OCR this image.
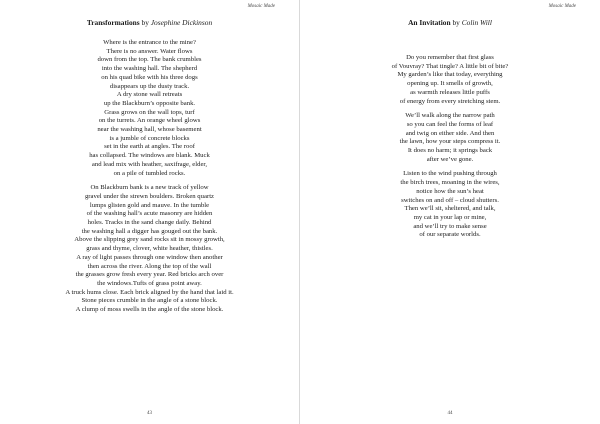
Mosaic Made
Transformations by Josephine Dickinson
Where is the entrance to the mine?
There is no answer. Water flows
down from the top. The bank crumbles
into the washing hall. The shepherd
on his quad bike with his three dogs
disappears up the dusty track.
A dry stone wall retreats
up the Blackburn’s opposite bank.
Grass grows on the wall tops, turf
on the turrets. An orange wheel glows
near the washing hall, whose basement
is a jumble of concrete blocks
set in the earth at angles. The roof
has collapsed. The windows are blank. Muck
and lead mix with heather, saxifrage, elder,
on a pile of tumbled rocks.
On Blackburn bank is a new track of yellow
gravel under the strewn boulders. Broken quartz
lumps glisten gold and mauve. In the tumble
of the washing hall’s acute masonry are hidden
holes. Tracks in the sand change daily. Behind
the washing hall a digger has gouged out the bank.
Above the slipping grey sand rocks sit in mossy growth,
grass and thyme, clover, white heather, thistles.
A ray of light passes through one window then another
then across the river. Along the top of the wall
the grasses grow fresh every year. Red bricks arch over
the windows.Tufts of grass point away.
A truck hums close. Each brick aligned by the hand that laid it.
Stone pieces crumble in the angle of a stone block.
A clump of moss swells in the angle of the stone block.
43
Mosaic Made
An Invitation by Colin Will
Do you remember that first glass
of Vouvray? That tingle? A little bit of bite?
My garden’s like that today, everything
opening up. It smells of growth,
as warmth releases little puffs
of energy from every stretching stem.
We’ll walk along the narrow path
so you can feel the forms of leaf
and twig on either side. And then
the lawn, how your steps compress it.
It does no harm; it springs back
after we’ve gone.
Listen to the wind pushing through
the birch trees, moaning in the wires,
notice how the sun’s heat
switches on and off – cloud shutters.
Then we’ll sit, sheltered, and talk,
my cat in your lap or mine,
and we’ll try to make sense
of our separate worlds.
44
